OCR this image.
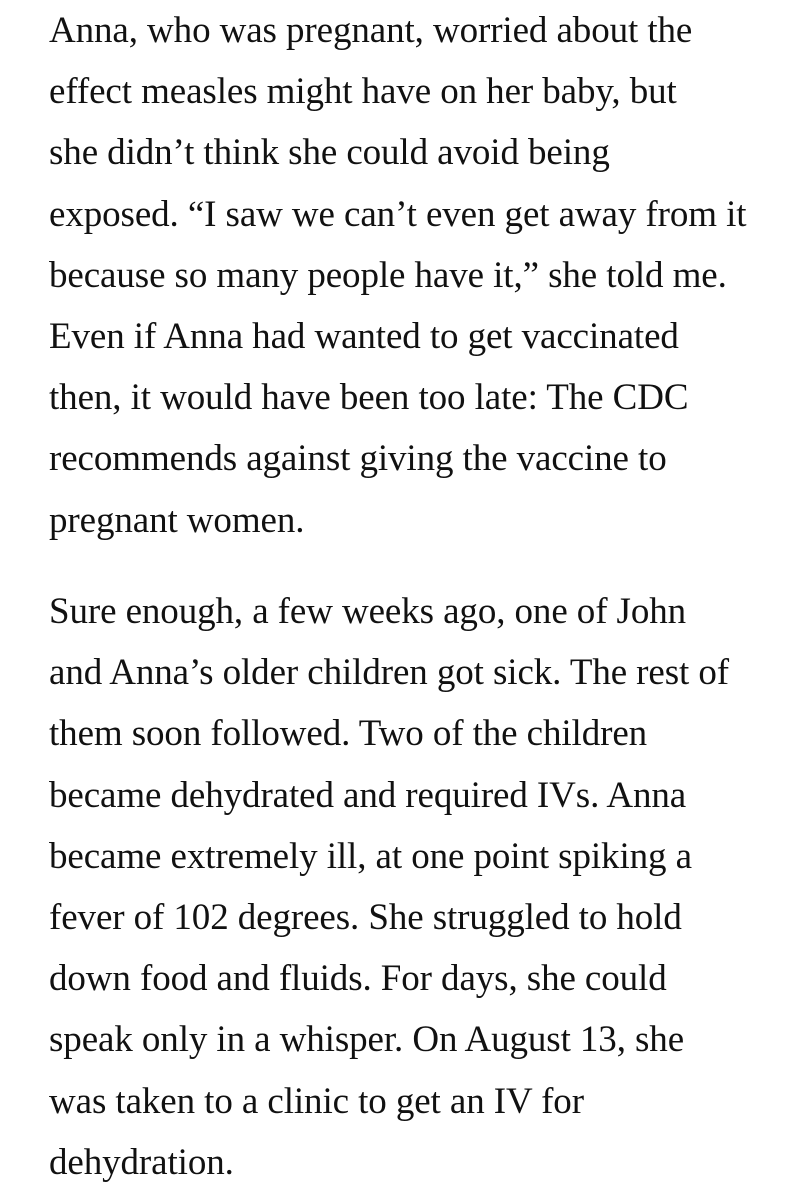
Anna, who was pregnant, worried about the
effect measles might have on her baby, but
she didn’t think she could avoid being
exposed. “I saw we can’t even get away from it
because so many people have it,” she told me.
Even if Anna had wanted to get vaccinated
then, it would have been too late: The CDC
recommends against giving the vaccine to
pregnant women.

Sure enough, a few weeks ago, one of John
and Anna’s older children got sick. The rest of
them soon followed. Two of the children
became dehydrated and required IVs. Anna
became extremely ill, at one point spiking a
fever of 102 degrees. She struggled to hold
down food and fluids. For days, she could
speak only in a whisper. On August 13, she
was taken to a clinic to get an IV for
dehydration.
